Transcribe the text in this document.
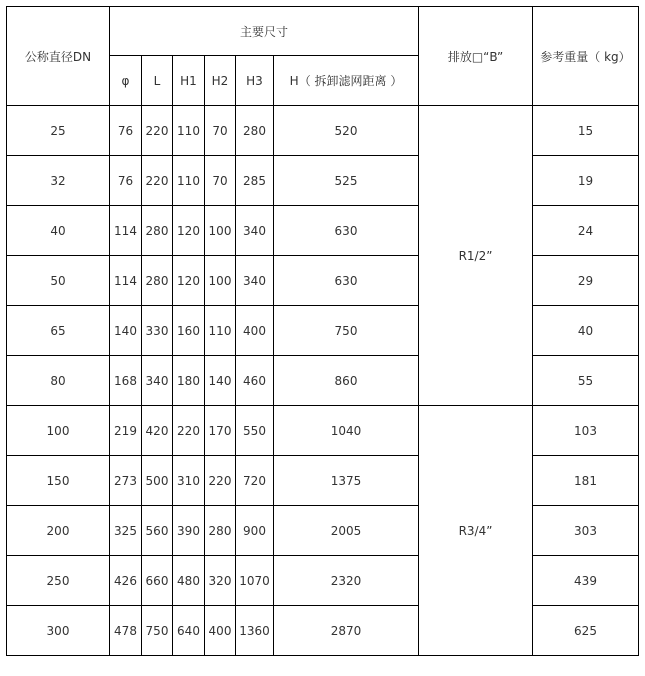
公称直径DN	主要尺寸						排放□“B”	参考重量（ kg）
	φ	L	H1	H2	H3	H（ 拆卸滤网距离 ）		
25	76	220	110	70	280	520	R1/2”	15
32	76	220	110	70	285	525		19
40	114	280	120	100	340	630		24
50	114	280	120	100	340	630		29
65	140	330	160	110	400	750		40
80	168	340	180	140	460	860		55
100	219	420	220	170	550	1040	R3/4”	103
150	273	500	310	220	720	1375		181
200	325	560	390	280	900	2005		303
250	426	660	480	320	1070	2320		439
300	478	750	640	400	1360	2870		625
